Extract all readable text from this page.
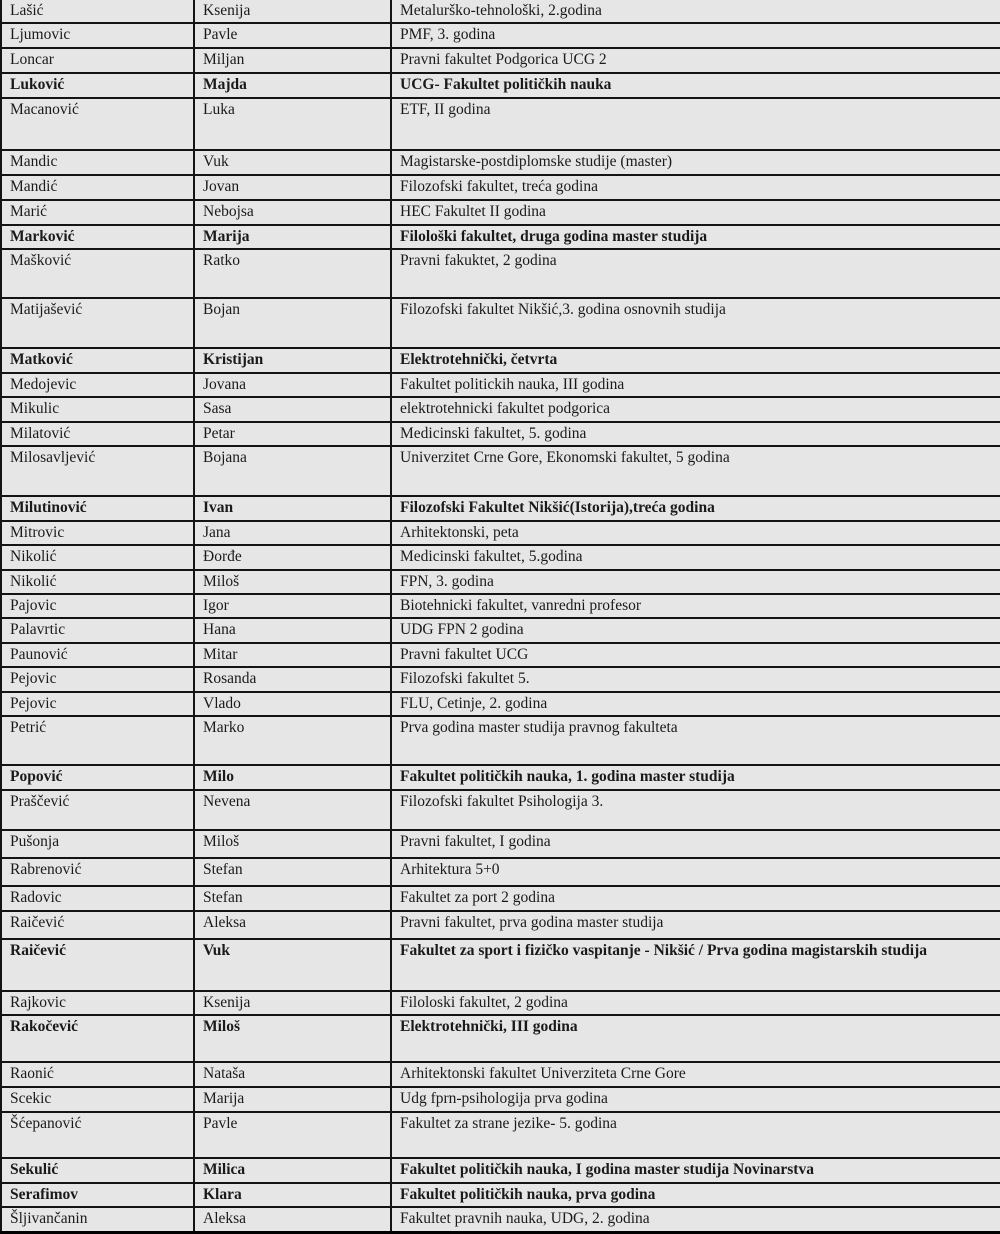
Lašić	Ksenija	Metalurško-tehnološki, 2.godina
Ljumovic	Pavle	PMF, 3. godina
Loncar	Miljan	Pravni fakultet Podgorica UCG 2
Luković	Majda	UCG- Fakultet političkih nauka
Macanović	Luka	ETF, II godina
Mandic	Vuk	Magistarske-postdiplomske studije (master)
Mandić	Jovan	Filozofski fakultet, treća godina
Marić	Nebojsa	HEC Fakultet II godina
Marković	Marija	Filološki fakultet, druga godina master studija
Mašković	Ratko	Pravni fakuktet, 2 godina
Matijašević	Bojan	Filozofski fakultet Nikšić,3. godina osnovnih studija
Matković	Kristijan	Elektrotehnički, četvrta
Medojevic	Jovana	Fakultet politickih nauka, III godina
Mikulic	Sasa	elektrotehnicki fakultet podgorica
Milatović	Petar	Medicinski fakultet, 5. godina
Milosavljević	Bojana	Univerzitet Crne Gore, Ekonomski fakultet, 5 godina
Milutinović	Ivan	Filozofski Fakultet Nikšić(Istorija),treća godina
Mitrovic	Jana	Arhitektonski, peta
Nikolić	Đorđe	Medicinski fakultet, 5.godina
Nikolić	Miloš	FPN, 3. godina
Pajovic	Igor	Biotehnicki fakultet, vanredni profesor
Palavrtic	Hana	UDG FPN 2 godina
Paunović	Mitar	Pravni fakultet UCG
Pejovic	Rosanda	Filozofski fakultet 5.
Pejovic	Vlado	FLU, Cetinje, 2. godina
Petrić	Marko	Prva godina master studija pravnog fakulteta
Popović	Milo	Fakultet političkih nauka, 1. godina master studija
Praščević	Nevena	Filozofski fakultet Psihologija 3.
Pušonja	Miloš	Pravni fakultet, I godina
Rabrenović	Stefan	Arhitektura 5+0
Radovic	Stefan	Fakultet za port 2 godina
Raičević	Aleksa	Pravni fakultet, prva godina master studija
Raičević	Vuk	Fakultet za sport i fizičko vaspitanje - Nikšić / Prva godina magistarskih studija
Rajkovic	Ksenija	Filoloski fakultet, 2 godina
Rakočević	Miloš	Elektrotehnički, III godina
Raonić	Nataša	Arhitektonski fakultet Univerziteta Crne Gore
Scekic	Marija	Udg fprn-psihologija prva godina
Šćepanović	Pavle	Fakultet za strane jezike- 5. godina
Sekulić	Milica	Fakultet političkih nauka, I godina master studija Novinarstva
Serafimov	Klara	Fakultet političkih nauka, prva godina
Šljivančanin	Aleksa	Fakultet pravnih nauka, UDG, 2. godina
